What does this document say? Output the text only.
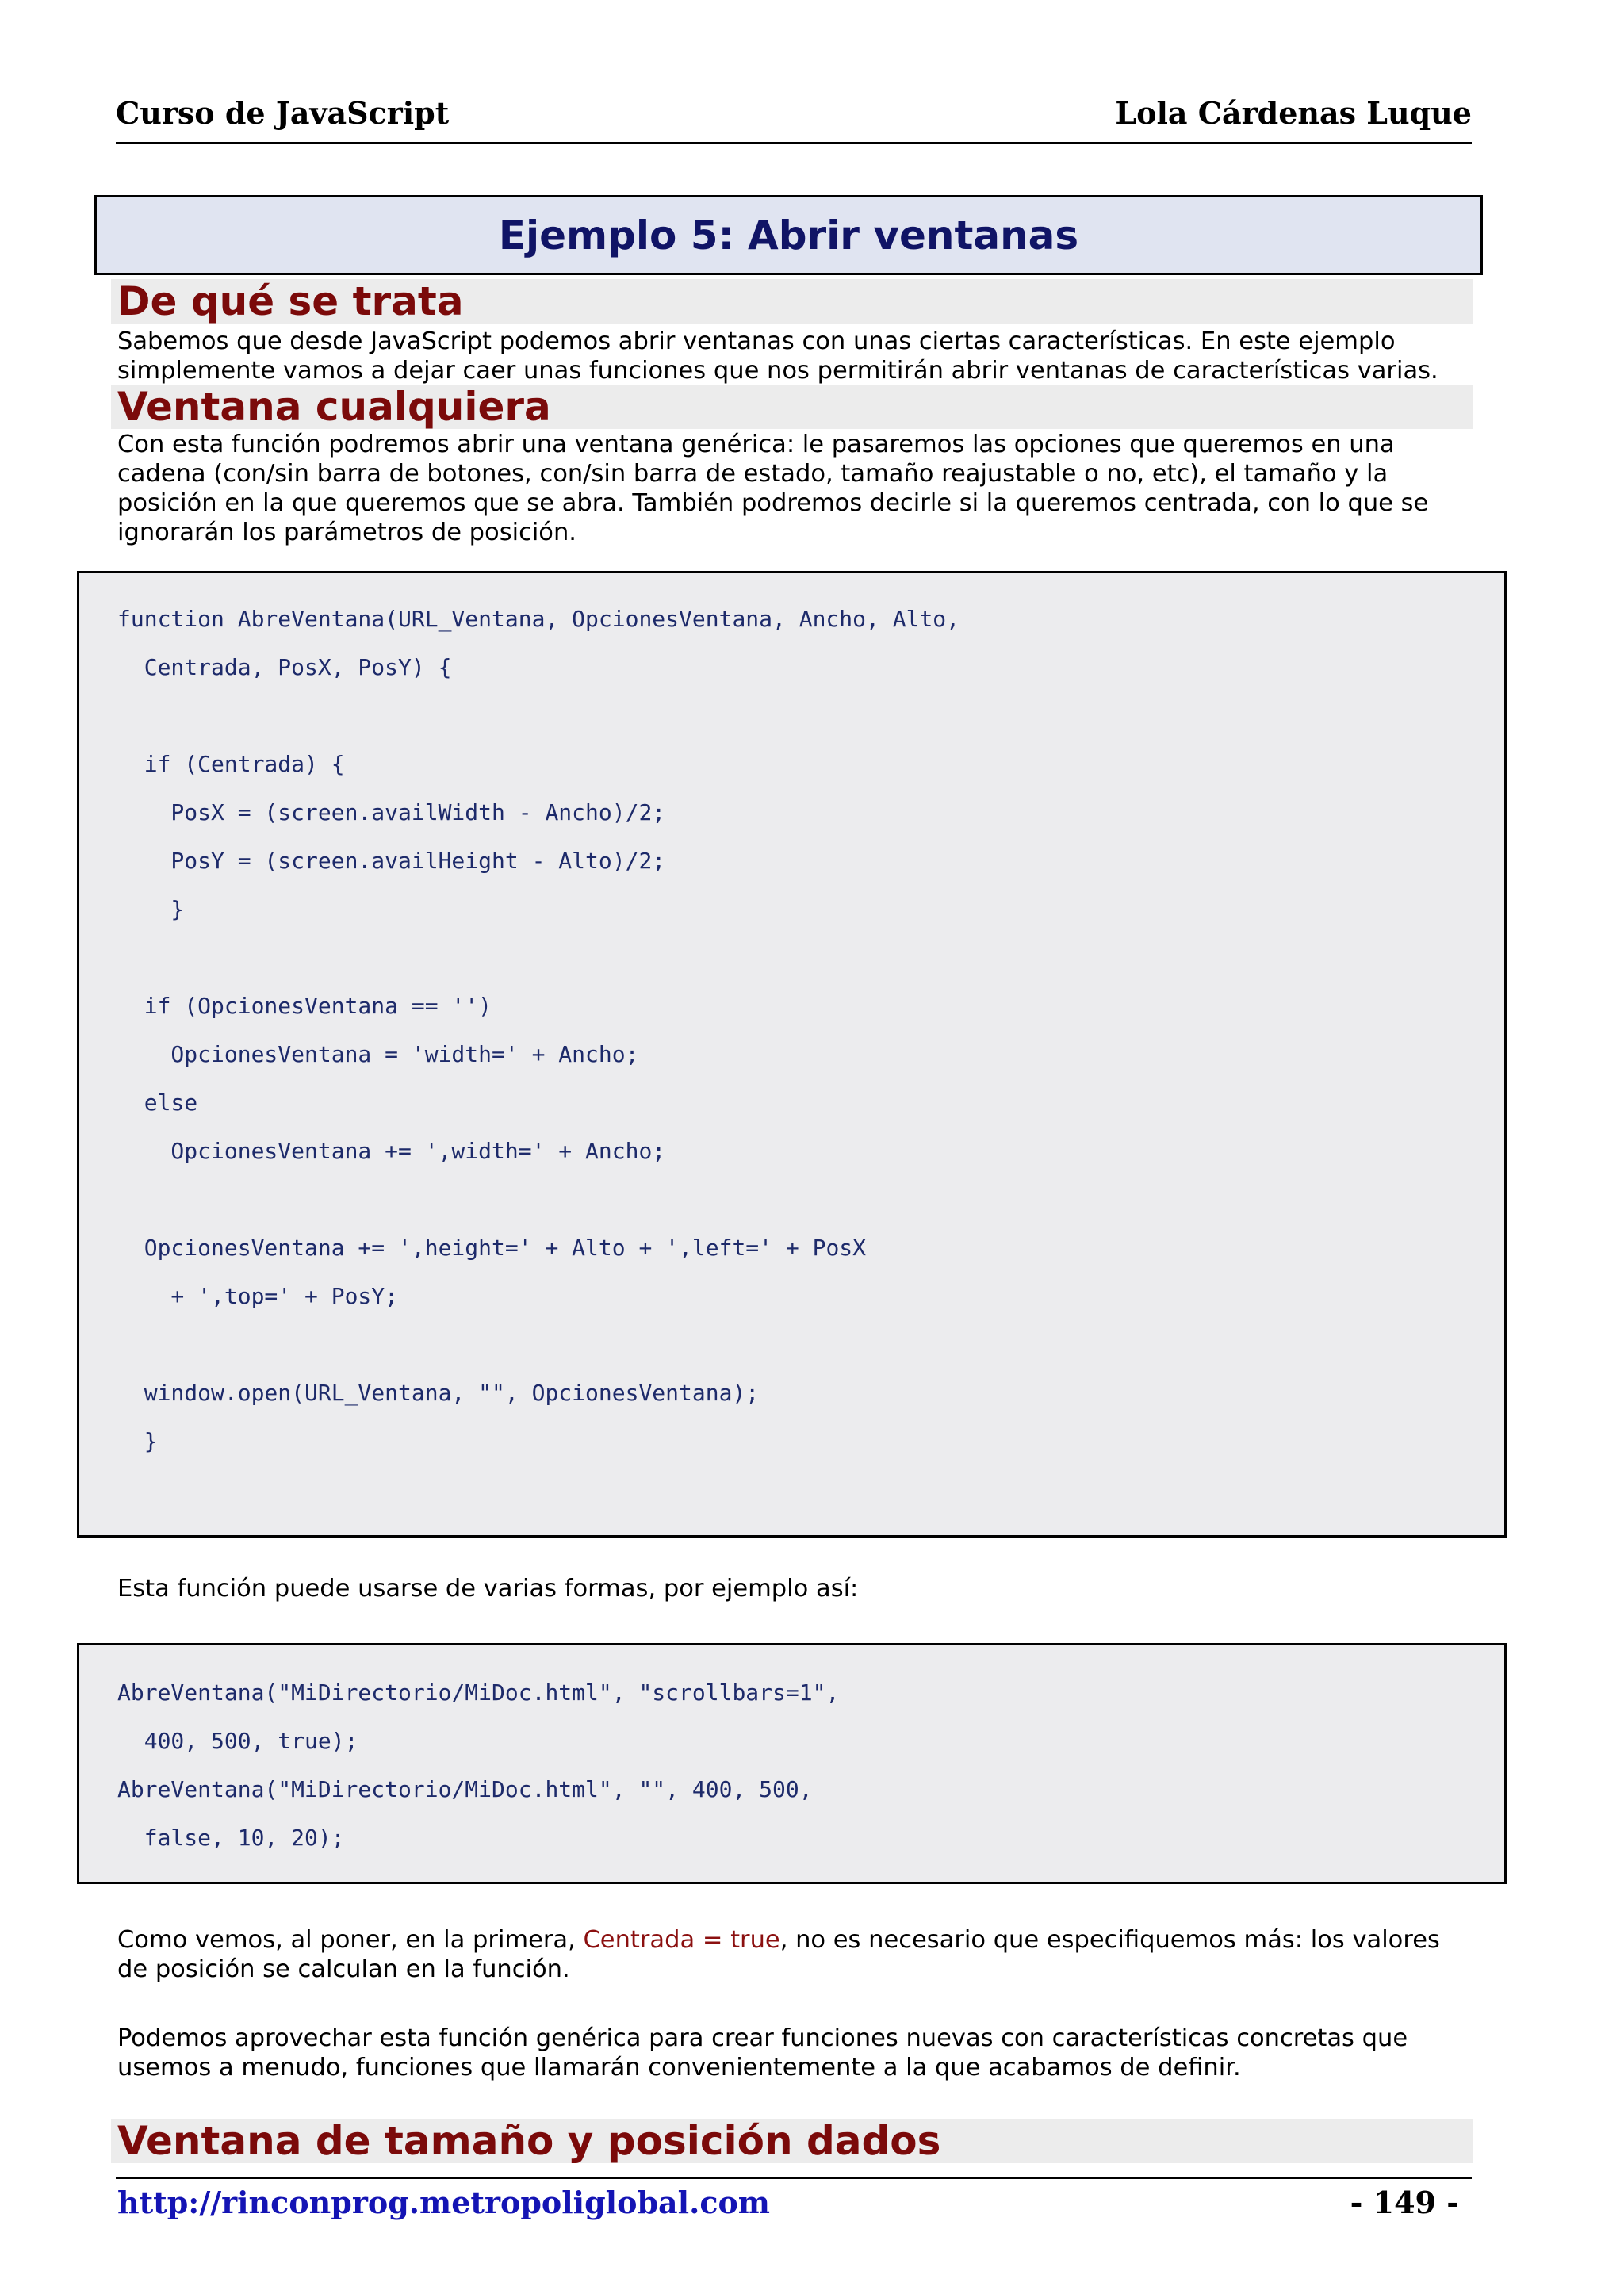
Curso de JavaScript	Lola Cárdenas Luque
Ejemplo 5: Abrir ventanas
De qué se trata
Sabemos que desde JavaScript podemos abrir ventanas con unas ciertas características. En este ejemplo
simplemente vamos a dejar caer unas funciones que nos permitirán abrir ventanas de características varias.
Ventana cualquiera
Con esta función podremos abrir una ventana genérica: le pasaremos las opciones que queremos en una
cadena (con/sin barra de botones, con/sin barra de estado, tamaño reajustable o no, etc), el tamaño y la
posición en la que queremos que se abra. También podremos decirle si la queremos centrada, con lo que se
ignorarán los parámetros de posición.
function AbreVentana(URL_Ventana, OpcionesVentana, Ancho, Alto,
Centrada, PosX, PosY) {
if (Centrada) {
PosX = (screen.availWidth - Ancho)/2;
PosY = (screen.availHeight - Alto)/2;
}
if (OpcionesVentana == '')
OpcionesVentana = 'width=' + Ancho;
else
OpcionesVentana += ',width=' + Ancho;
OpcionesVentana += ',height=' + Alto + ',left=' + PosX
+ ',top=' + PosY;
window.open(URL_Ventana, "", OpcionesVentana);
}
Esta función puede usarse de varias formas, por ejemplo así:
AbreVentana("MiDirectorio/MiDoc.html", "scrollbars=1",
400, 500, true);
AbreVentana("MiDirectorio/MiDoc.html", "", 400, 500,
false, 10, 20);
Como vemos, al poner, en la primera, Centrada = true, no es necesario que especifiquemos más: los valores
de posición se calculan en la función.
Podemos aprovechar esta función genérica para crear funciones nuevas con características concretas que
usemos a menudo, funciones que llamarán convenientemente a la que acabamos de definir.
Ventana de tamaño y posición dados
http://rinconprog.metropoliglobal.com	- 149 -
